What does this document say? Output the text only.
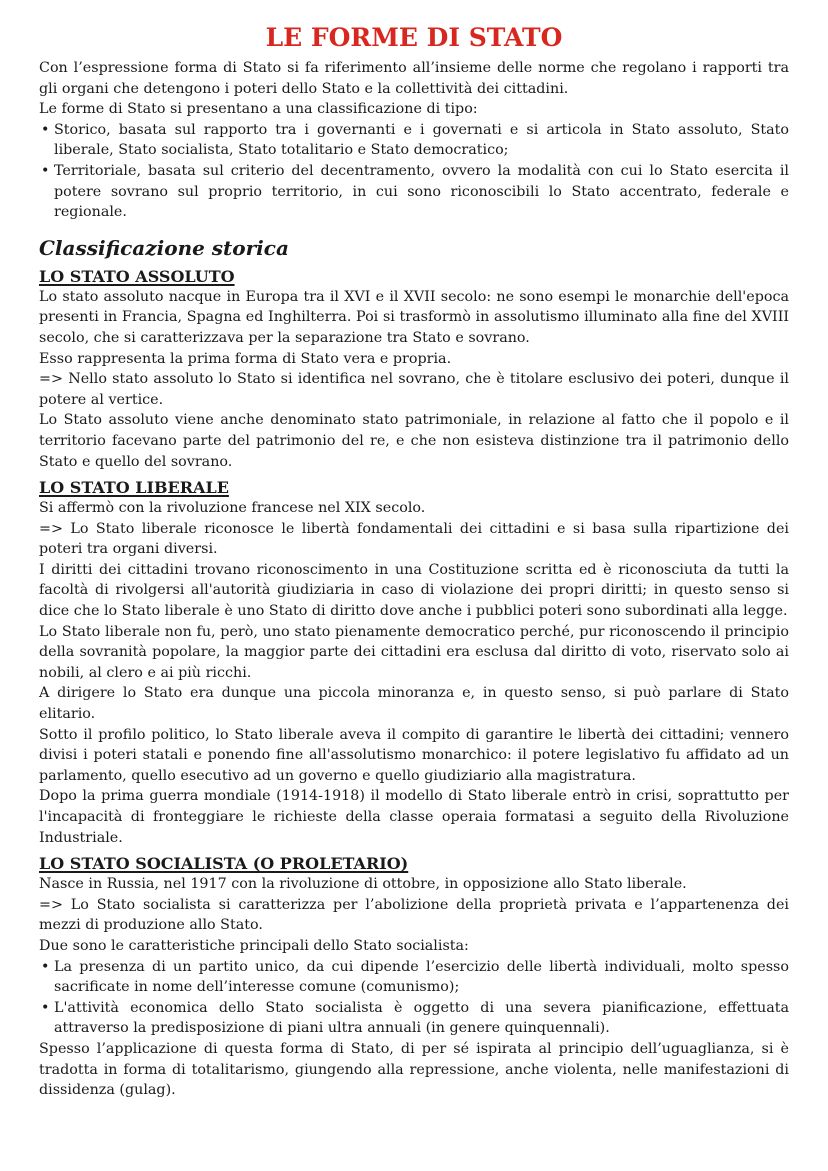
LE FORME DI STATO

Con l’espressione forma di Stato si fa riferimento all’insieme delle norme che regolano i rapporti tra gli organi che detengono i poteri dello Stato e la collettività dei cittadini.

Le forme di Stato si presentano a una classificazione di tipo:

• Storico, basata sul rapporto tra i governanti e i governati e si articola in Stato assoluto, Stato liberale, Stato socialista, Stato totalitario e Stato democratico;
• Territoriale, basata sul criterio del decentramento, ovvero la modalità con cui lo Stato esercita il potere sovrano sul proprio territorio, in cui sono riconoscibili lo Stato accentrato, federale e regionale.
Classificazione storica
LO STATO ASSOLUTO

Lo stato assoluto nacque in Europa tra il XVI e il XVII secolo: ne sono esempi le monarchie dell'epoca presenti in Francia, Spagna ed Inghilterra. Poi si trasformò in assolutismo illuminato alla fine del XVIII secolo, che si caratterizzava per la separazione tra Stato e sovrano.

Esso rappresenta la prima forma di Stato vera e propria.

=> Nello stato assoluto lo Stato si identifica nel sovrano, che è titolare esclusivo dei poteri, dunque il potere al vertice.

Lo Stato assoluto viene anche denominato stato patrimoniale, in relazione al fatto che il popolo e il territorio facevano parte del patrimonio del re, e che non esisteva distinzione tra il patrimonio dello Stato e quello del sovrano.

LO STATO LIBERALE

Si affermò con la rivoluzione francese nel XIX secolo.

=> Lo Stato liberale riconosce le libertà fondamentali dei cittadini e si basa sulla ripartizione dei poteri tra organi diversi.

I diritti dei cittadini trovano riconoscimento in una Costituzione scritta ed è riconosciuta da tutti la facoltà di rivolgersi all'autorità giudiziaria in caso di violazione dei propri diritti; in questo senso si dice che lo Stato liberale è uno Stato di diritto dove anche i pubblici poteri sono subordinati alla legge.

Lo Stato liberale non fu, però, uno stato pienamente democratico perché, pur riconoscendo il principio della sovranità popolare, la maggior parte dei cittadini era esclusa dal diritto di voto, riservato solo ai nobili, al clero e ai più ricchi.

A dirigere lo Stato era dunque una piccola minoranza e, in questo senso, si può parlare di Stato elitario.

Sotto il profilo politico, lo Stato liberale aveva il compito di garantire le libertà dei cittadini; vennero divisi i poteri statali e ponendo fine all'assolutismo monarchico: il potere legislativo fu affidato ad un parlamento, quello esecutivo ad un governo e quello giudiziario alla magistratura.

Dopo la prima guerra mondiale (1914-1918) il modello di Stato liberale entrò in crisi, soprattutto per l'incapacità di fronteggiare le richieste della classe operaia formatasi a seguito della Rivoluzione Industriale.

LO STATO SOCIALISTA (O PROLETARIO)

Nasce in Russia, nel 1917 con la rivoluzione di ottobre, in opposizione allo Stato liberale.

=> Lo Stato socialista si caratterizza per l’abolizione della proprietà privata e l’appartenenza dei mezzi di produzione allo Stato.

Due sono le caratteristiche principali dello Stato socialista:

• La presenza di un partito unico, da cui dipende l’esercizio delle libertà individuali, molto spesso sacrificate in nome dell’interesse comune (comunismo);
• L'attività economica dello Stato socialista è oggetto di una severa pianificazione, effettuata attraverso la predisposizione di piani ultra annuali (in genere quinquennali).

Spesso l’applicazione di questa forma di Stato, di per sé ispirata al principio dell’uguaglianza, si è tradotta in forma di totalitarismo, giungendo alla repressione, anche violenta, nelle manifestazioni di dissidenza (gulag).
